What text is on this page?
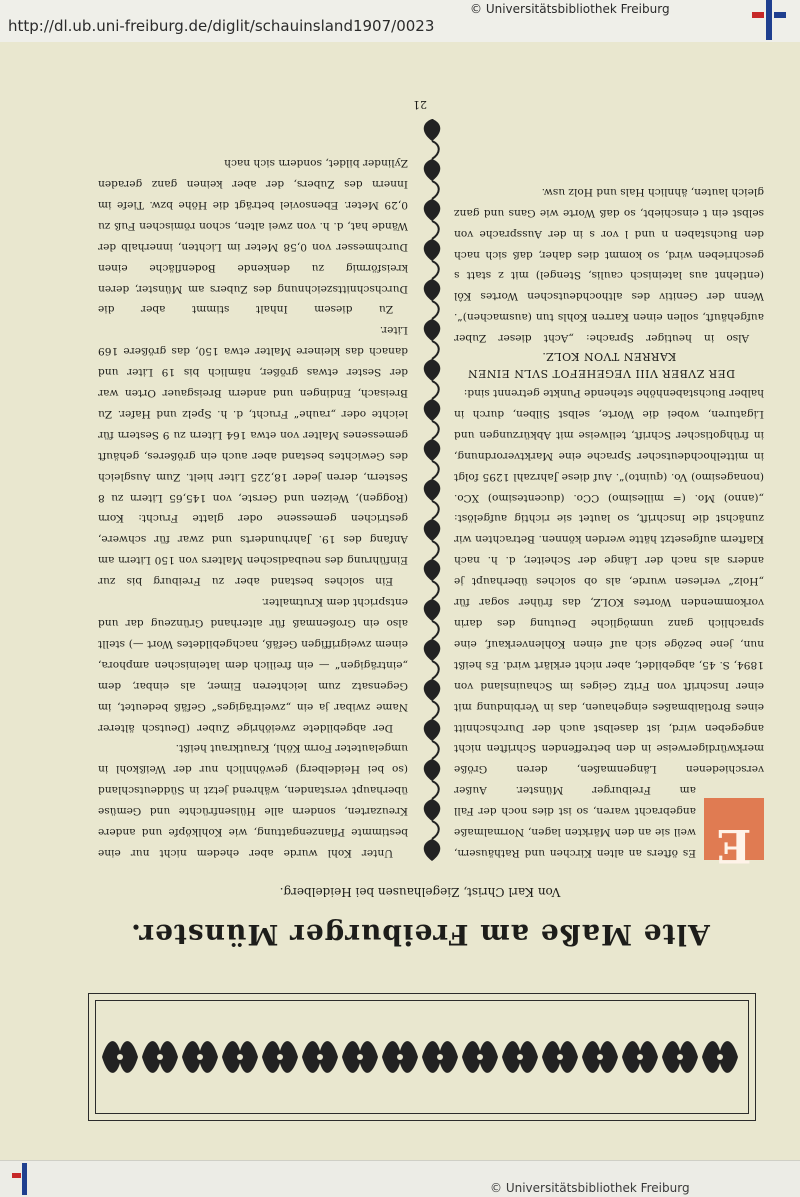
© Universitätsbibliothek Freiburg
http://dl.ub.uni-freiburg.de/diglit/schauinsland1907/0023
Alte Maße am Freiburger Münster.
Von Karl Christ, Ziegelhausen bei Heidelberg.
E

Es öfters an alten Kirchen und Rathäusern, weil sie an den Märkten lagen, Normalmaße angebracht waren, so ist dies noch der Fall am Freiburger Münster. Außer verschiedenen Längenmaßen, deren Größe merkwürdigerweise in den betreffenden Schriften nicht angegeben wird, ist daselbst auch der Durchschnitt eines Brotlaibmaßes eingehauen, das in Verbindung mit einer Inschrift von Fritz Geiges im Schauinsland von 1894, S. 45, abgebildet, aber nicht erklärt wird. Es heißt nun, jene bezöge sich auf einen Kohlenverkauf, eine sprachlich ganz unmögliche Deutung des darin vorkommenden Wortes KOLZ, das früher sogar für „Holz“ verlesen wurde, als ob solches überhaupt je anders als nach der Länge der Scheiter, d. h. nach Klaftern aufgesetzt hätte werden können. Betrachten wir zunächst die Inschrift, so lautet sie richtig aufgelöst: „(anno) Mo. (= millesimo) CCo. (ducentesimo) XCo. (nonagesimo) Vo. (quinto)“. Auf diese Jahrzahl 1295 folgt in mittelhochdeutscher Sprache eine Marktverordnung, in frühgotischer Schrift, teilweise mit Abkürzungen und Ligaturen, wobei die Worte, selbst Silben, durch in halber Buchstabenhöhe stehende Punkte getrennt sind:

DER ZVBER VIII VEGEHEFOT SVLN EINEN KARREN TVON KOLZ.

Also in heutiger Sprache: „Acht dieser Zuber aufgehäuft, sollen einen Karren Kohls tun (ausmachen)“. Wenn der Genitiv des althochdeutschen Wortes Kôl (entlehnt aus lateinisch caulis, Stengel) mit z statt s geschrieben wird, so kommt dies daher, daß sich nach den Buchstaben n und l vor s in der Aussprache von selbst ein t einschiebt, so daß Worte wie Gans und ganz gleich lauten, ähnlich Hals und Holz usw.

Unter Kohl wurde aber ehedem nicht nur eine bestimmte Pflanzengattung, wie Kohlköpfe und andere Kreuzarten, sondern alle Hülsenfrüchte und Gemüse überhaupt verstanden, während jetzt in Süddeutschland (so bei Heidelberg) gewöhnlich nur der Weißkohl in umgelauteter Form Köhl, Krautkraut heißt.

Der abgebildete zweiöhrige Zuber (Deutsch älterer Name zwibar ja ein „zweiträgiges“ Gefäß bedeutet, im Gegensatz zum leichteren Eimer, als einbar, dem „einträgigen“ — ein freilich dem lateinischen amphora, einem zweigriffigen Gefäß, nachgebildetes Wort —) stellt also ein Großenmaß für alterhand Grünzeug dar und entspricht dem Krutmalter.

Ein solches bestand aber zu Freiburg bis zur Einführung des neubadischen Malters von 150 Litern am Anfang des 19. Jahrhunderts und zwar für schwere, gestrichen gemessene oder glatte Frucht: Korn (Roggen), Weizen und Gerste, von 145,65 Litern zu 8 Sestern, deren jeder 18,225 Liter hielt. Zum Ausgleich des Gewichtes bestand aber auch ein größeres, gehäuft gemessenes Malter von etwa 164 Litern zu 9 Sestern für leichte oder „rauhe“ Frucht, d. h. Spelz und Hafer. Zu Breisach, Endingen und andern Breisgauer Orten war der Sester etwas größer, nämlich bis 19 Liter und danach das kleinere Malter etwa 150, das größere 169 Liter.

Zu diesem Inhalt stimmt aber die Durchschnittszeichnung des Zubers am Münster, deren kreisförmig zu denkende Bodenfläche einen Durchmesser von 0,58 Meter im Lichten, innerhalb der Wände hat, d. h. von zwei alten, schon römischen Fuß zu 0,29 Meter. Ebensoviel beträgt die Höhe bzw. Tiefe im Innern des Zubers, der aber keinen ganz geraden Zylinder bildet, sondern sich nach

21
© Universitätsbibliothek Freiburg
